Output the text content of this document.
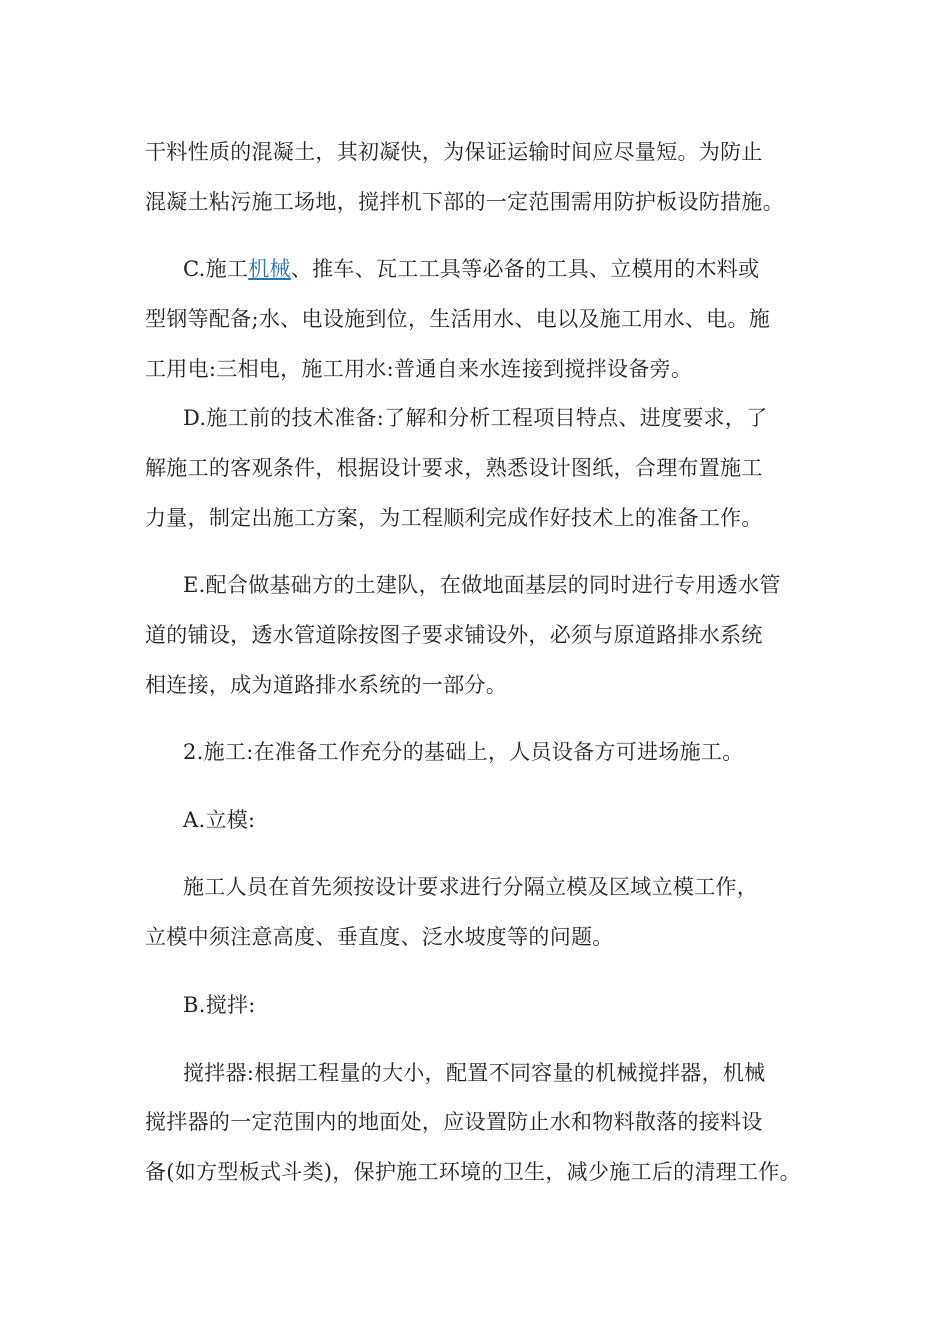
干料性质的混凝土，其初凝快，为保证运输时间应尽量短。为防止
混凝土粘污施工场地，搅拌机下部的一定范围需用防护板设防措施。
C.施工机械、推车、瓦工工具等必备的工具、立模用的木料或
型钢等配备;水、电设施到位，生活用水、电以及施工用水、电。施
工用电:三相电，施工用水:普通自来水连接到搅拌设备旁。
D.施工前的技术准备:了解和分析工程项目特点、进度要求，了
解施工的客观条件，根据设计要求，熟悉设计图纸，合理布置施工
力量，制定出施工方案，为工程顺利完成作好技术上的准备工作。
E.配合做基础方的土建队，在做地面基层的同时进行专用透水管
道的铺设，透水管道除按图子要求铺设外，必须与原道路排水系统
相连接，成为道路排水系统的一部分。
2.施工:在准备工作充分的基础上，人员设备方可进场施工。
A.立模:
施工人员在首先须按设计要求进行分隔立模及区域立模工作，
立模中须注意高度、垂直度、泛水坡度等的问题。
B.搅拌:
搅拌器:根据工程量的大小，配置不同容量的机械搅拌器，机械
搅拌器的一定范围内的地面处，应设置防止水和物料散落的接料设
备(如方型板式斗类)，保护施工环境的卫生，减少施工后的清理工作。
